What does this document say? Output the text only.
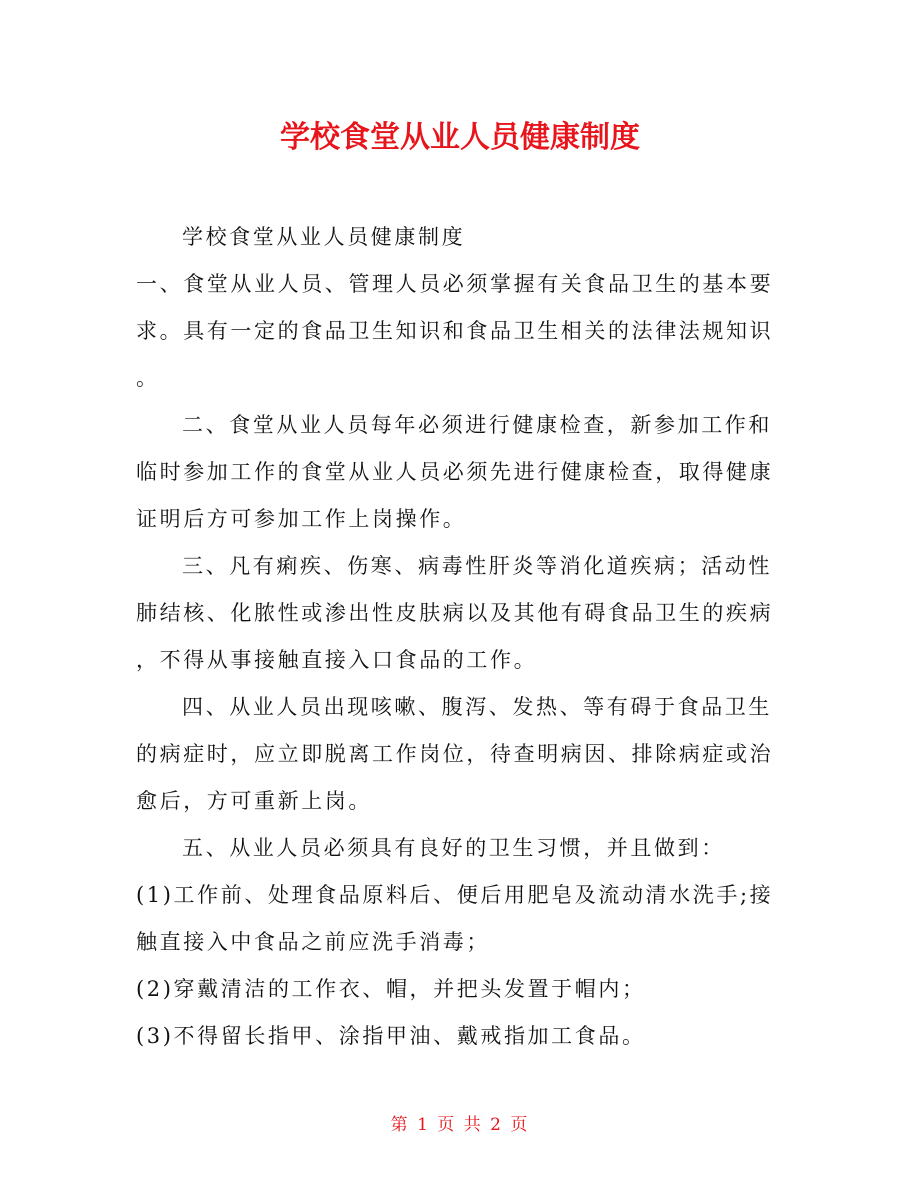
学校食堂从业人员健康制度
学校食堂从业人员健康制度
一、食堂从业人员、管理人员必须掌握有关食品卫生的基本要
求。具有一定的食品卫生知识和食品卫生相关的法律法规知识
。
二、食堂从业人员每年必须进行健康检查，新参加工作和
临时参加工作的食堂从业人员必须先进行健康检查，取得健康
证明后方可参加工作上岗操作。
三、凡有痢疾、伤寒、病毒性肝炎等消化道疾病；活动性
肺结核、化脓性或渗出性皮肤病以及其他有碍食品卫生的疾病
，不得从事接触直接入口食品的工作。
四、从业人员出现咳嗽、腹泻、发热、等有碍于食品卫生
的病症时，应立即脱离工作岗位，待查明病因、排除病症或治
愈后，方可重新上岗。
五、从业人员必须具有良好的卫生习惯，并且做到：
(1)工作前、处理食品原料后、便后用肥皂及流动清水洗手;接
触直接入中食品之前应洗手消毒；
(2)穿戴清洁的工作衣、帽，并把头发置于帽内；
(3)不得留长指甲、涂指甲油、戴戒指加工食品。
第 1 页 共 2 页
